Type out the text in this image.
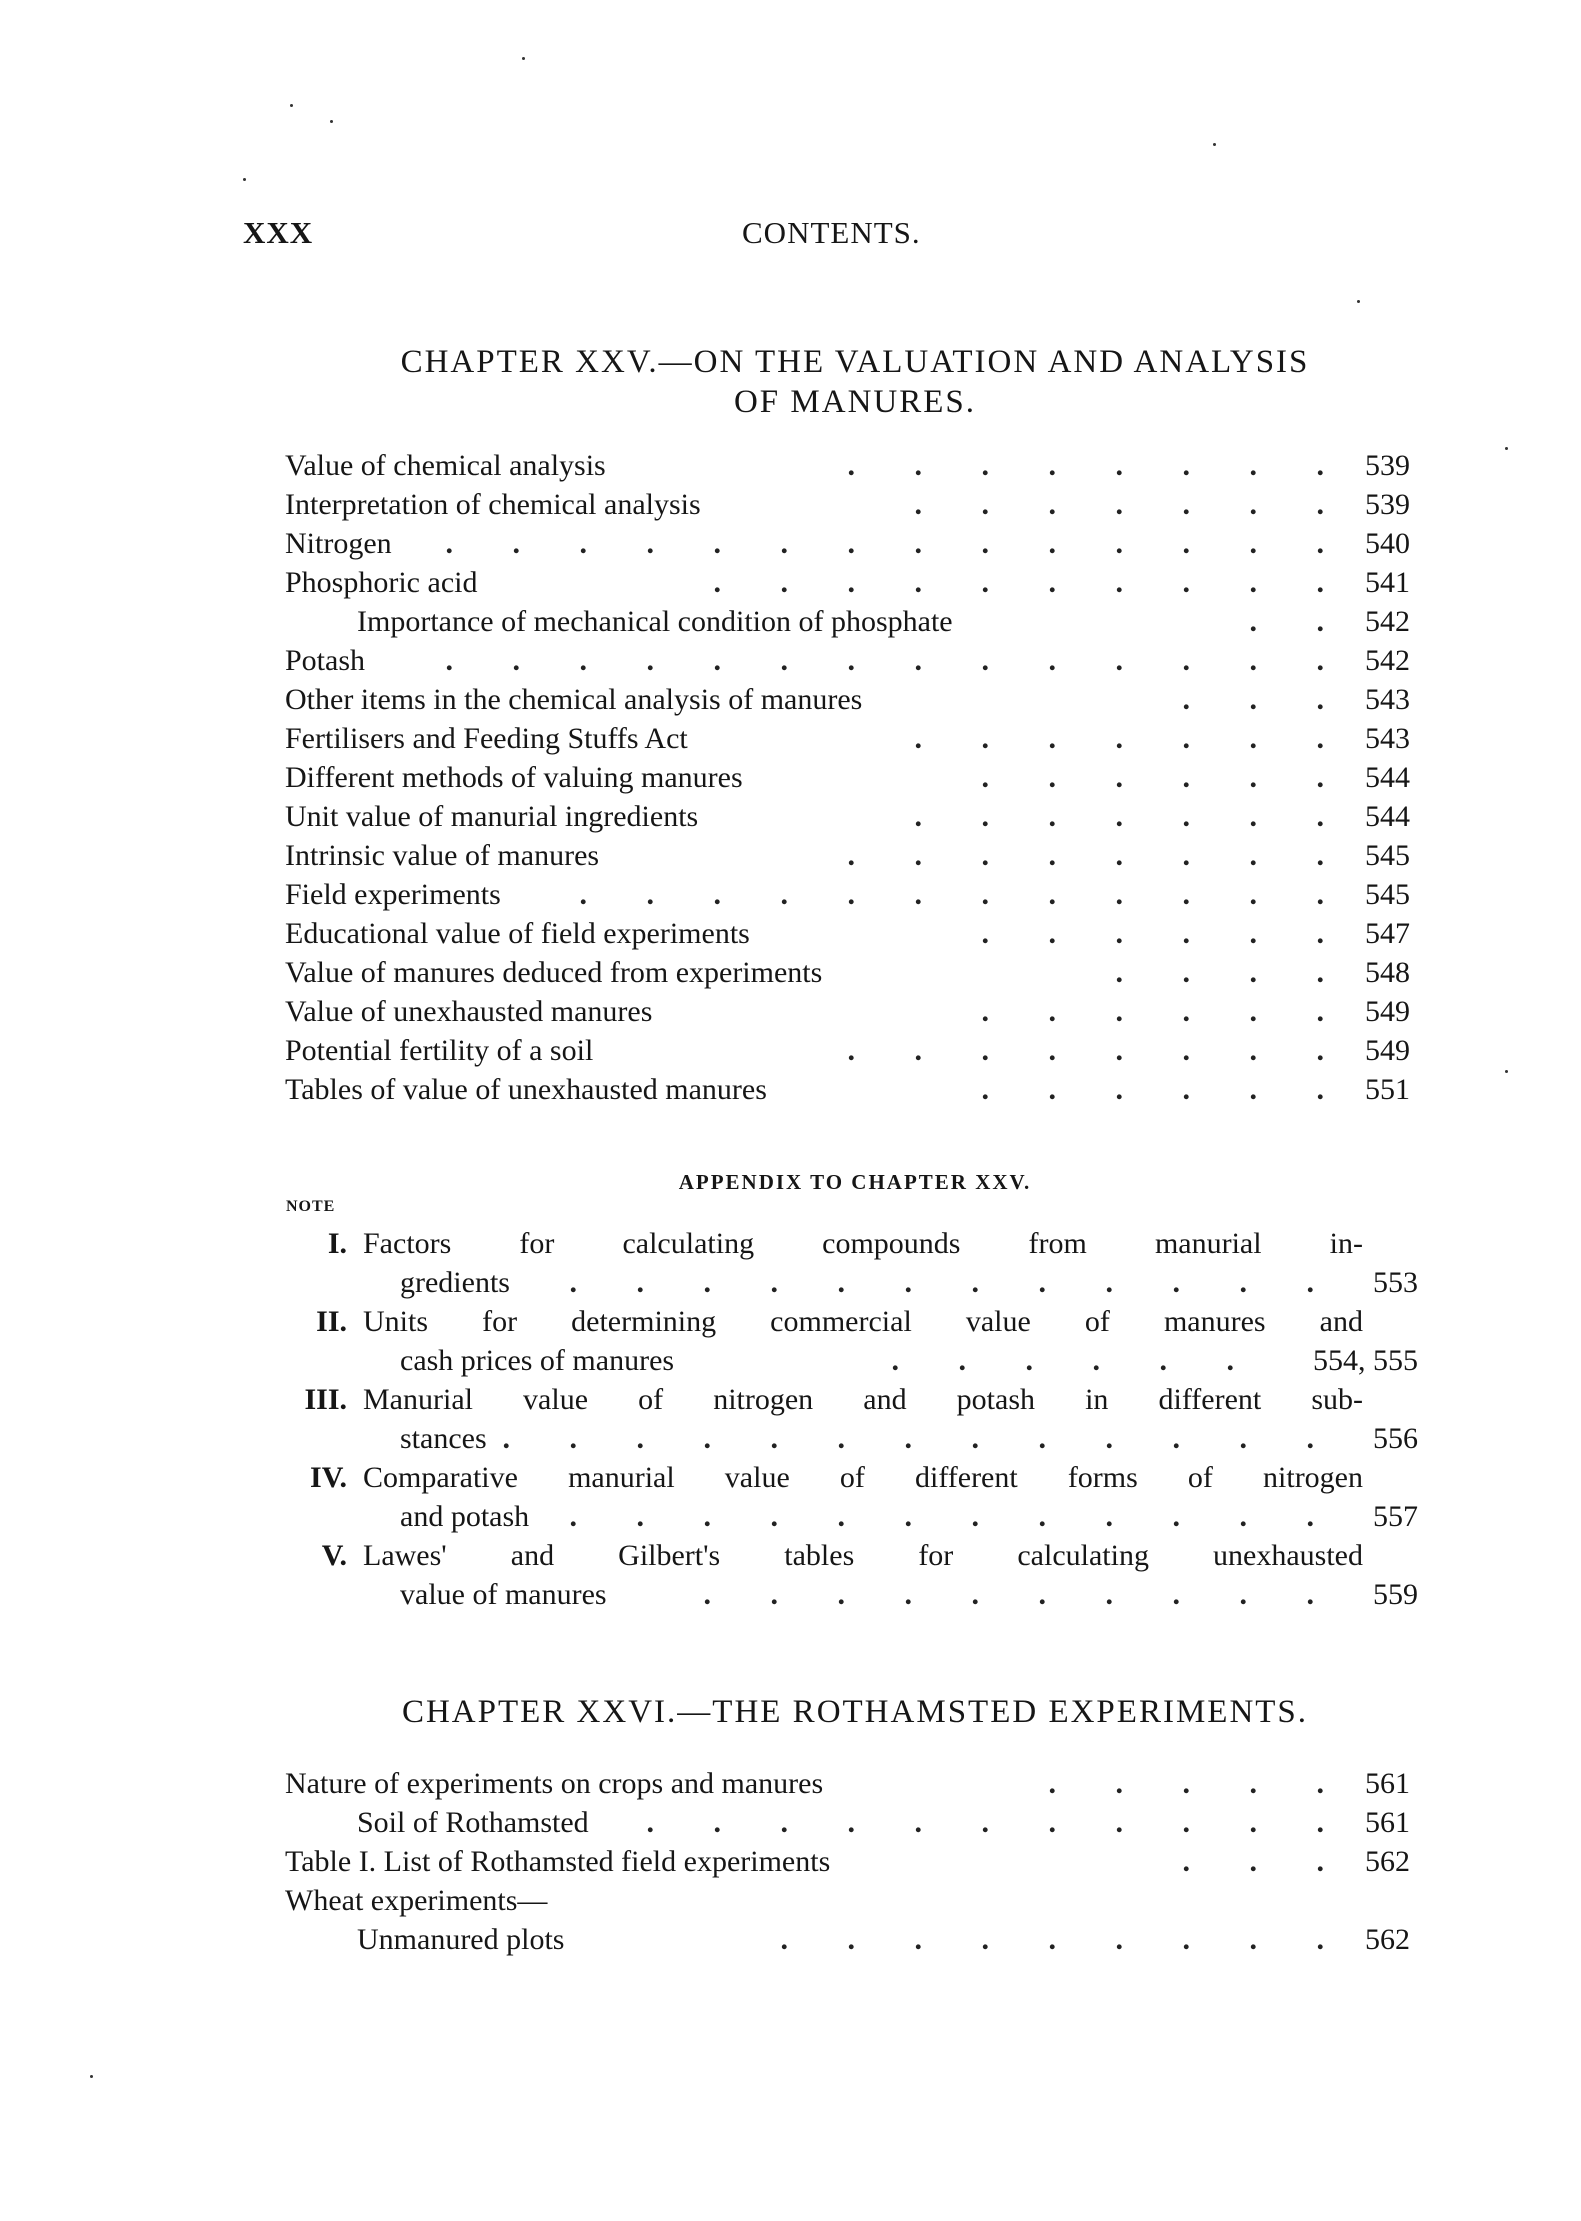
XXX	CONTENTS.
CHAPTER XXV.—ON THE VALUATION AND ANALYSIS
OF MANURES.
Value of chemical analysis	. . . . . . . . 539
Interpretation of chemical analysis	. . . . . . . 539
Nitrogen . . . . . . . . . . . . . . 540
Phosphoric acid	. . . . . . . . . . 541
Importance of mechanical condition of phosphate	. . 542
Potash	. . . . . . . . . . . . . . 542
Other items in the chemical analysis of manures	. . . 543
Fertilisers and Feeding Stuffs Act	. . . . . . . 543
Different methods of valuing manures	. . . . . . 544
Unit value of manurial ingredients	. . . . . . . 544
Intrinsic value of manures	. . . . . . . . 545
Field experiments	. . . . . . . . . . . . 545
Educational value of field experiments	. . . . . . 547
Value of manures deduced from experiments	. . . . 548
Value of unexhausted manures	. . . . . . 549
Potential fertility of a soil	. . . . . . . . 549
Tables of value of unexhausted manures	. . . . . . 551
APPENDIX TO CHAPTER XXV.
NOTE
I. Factors for calculating compounds from manurial in-
gredients . . . . . . . . . . . . 553
II. Units for determining commercial value of manures and
cash prices of manures	. . . . . . 554, 555
III. Manurial value of nitrogen and potash in different sub-
stances . . . . . . . . . . . . . 556
IV. Comparative manurial value of different forms of nitrogen
and potash . . . . . . . . . . . . 557
V. Lawes' and Gilbert's tables for calculating unexhausted
value of manures	. . . . . . . . . . 559
CHAPTER XXVI.—THE ROTHAMSTED EXPERIMENTS.
Nature of experiments on crops and manures	. . . . . 561
Soil of Rothamsted . . . . . . . . . . . 561
Table I. List of Rothamsted field experiments	. . . 562
Wheat experiments—
Unmanured plots	. . . . . . . . . 562
